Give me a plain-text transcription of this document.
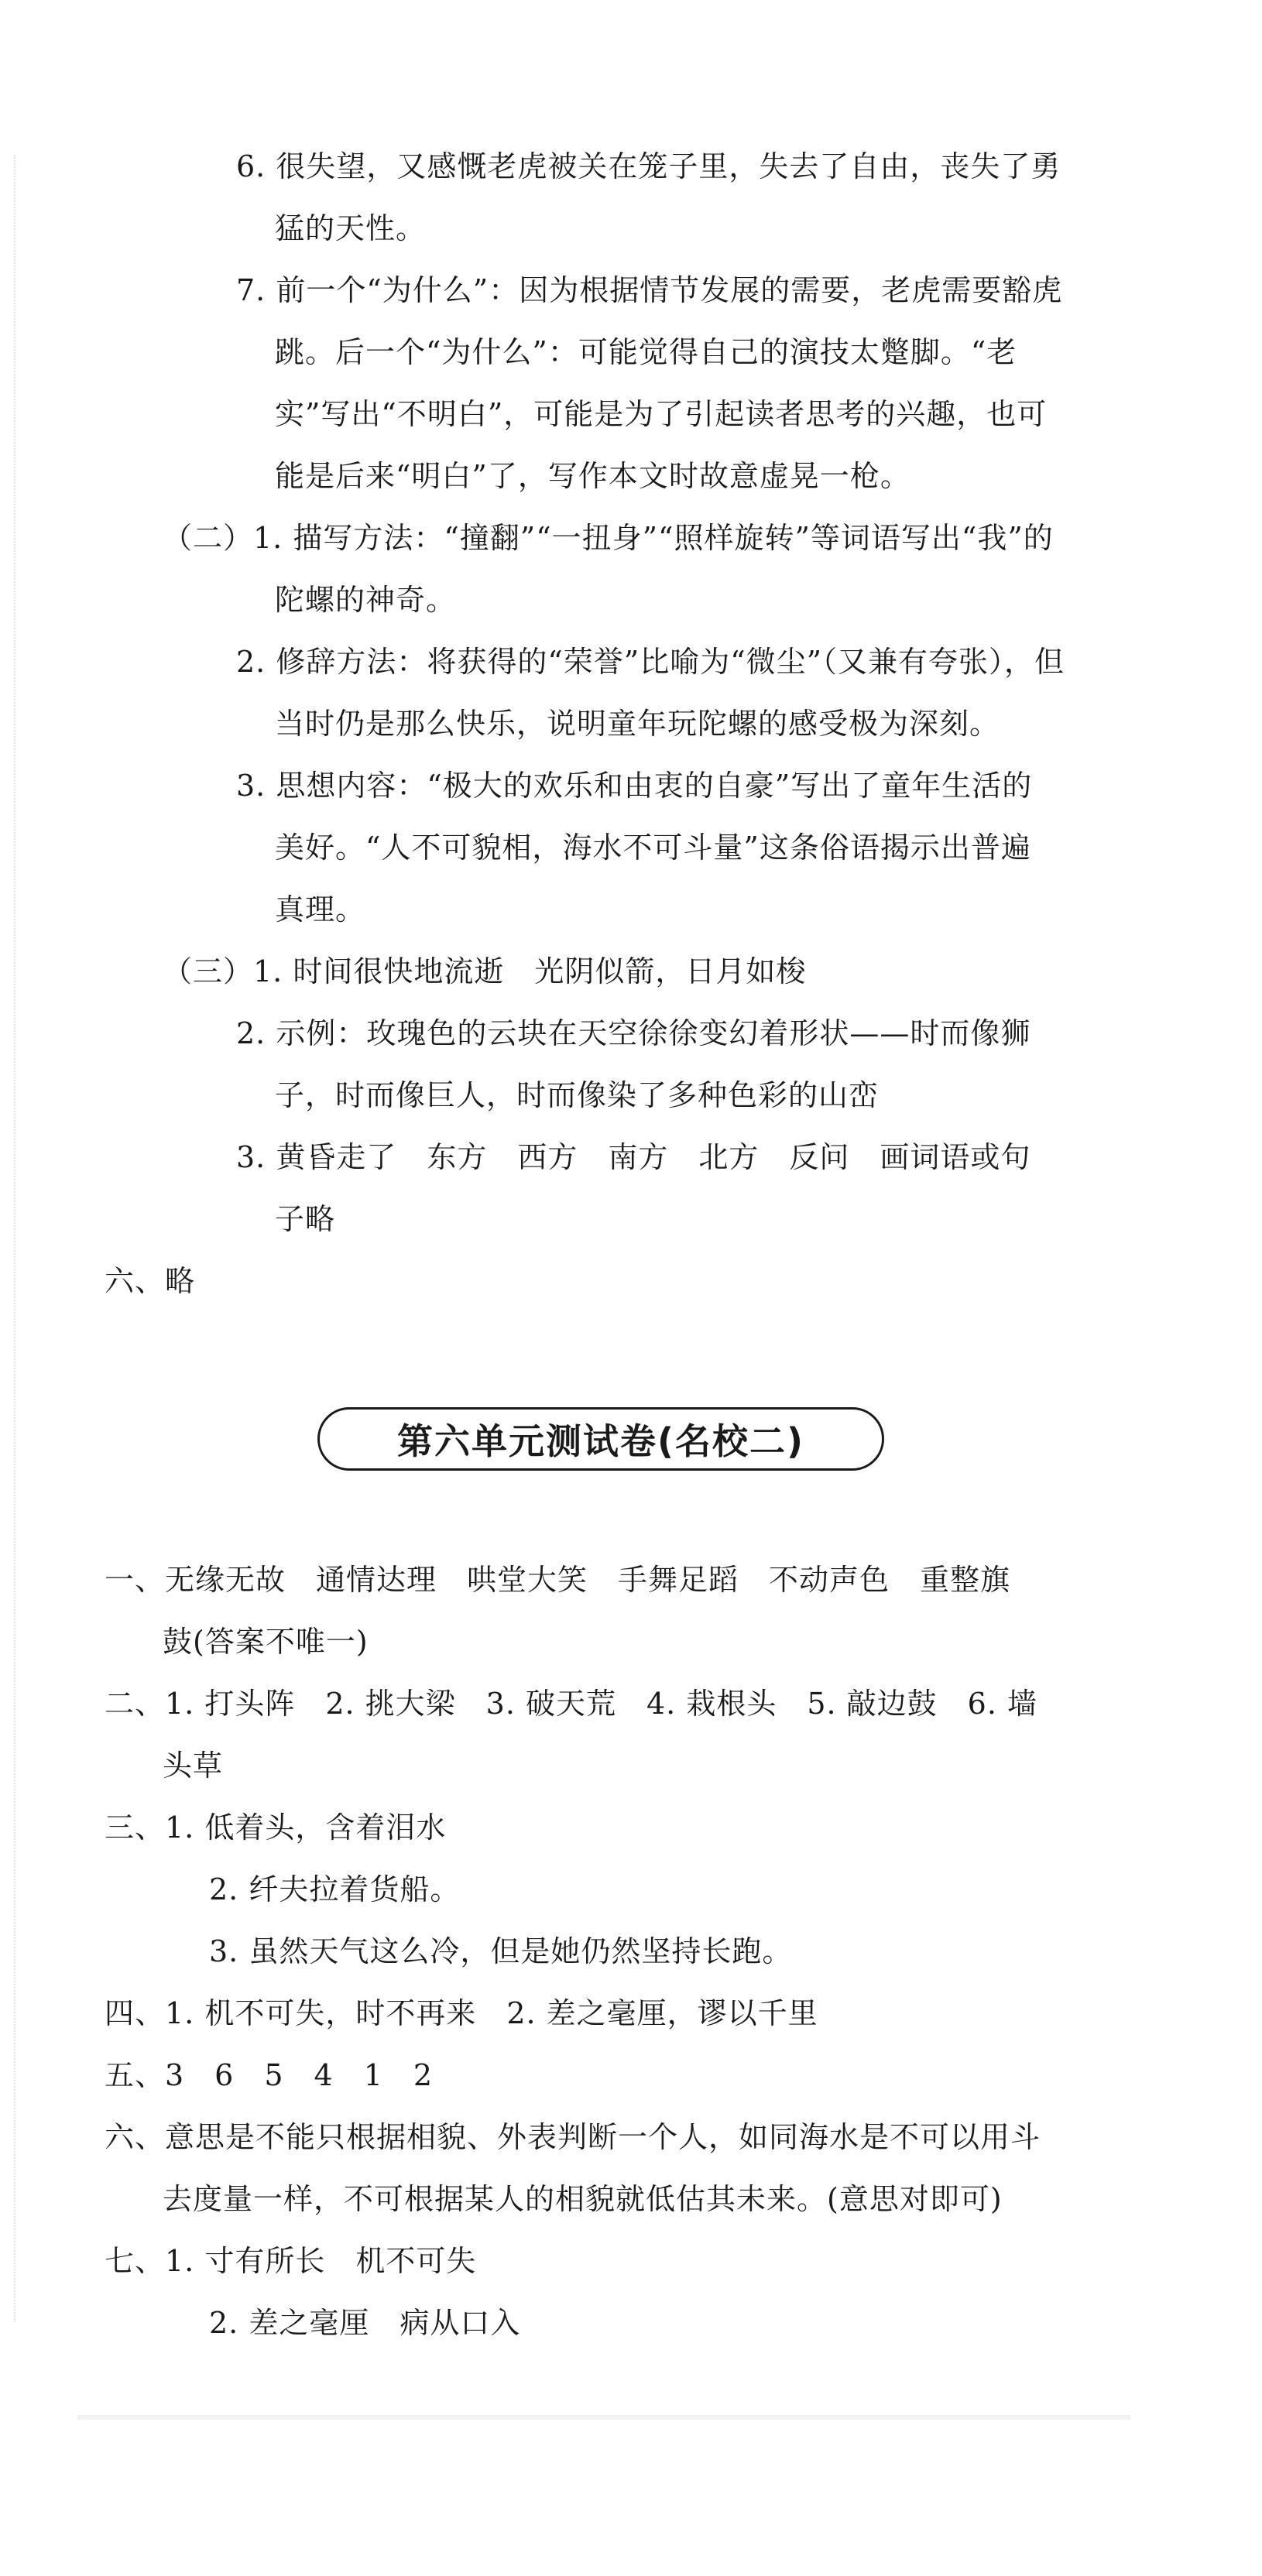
6. 很失望，又感慨老虎被关在笼子里，失去了自由，丧失了勇
猛的天性。
7. 前一个“为什么”：因为根据情节发展的需要，老虎需要豁虎
跳。后一个“为什么”：可能觉得自己的演技太蹩脚。“老
实”写出“不明白”，可能是为了引起读者思考的兴趣，也可
能是后来“明白”了，写作本文时故意虚晃一枪。
（二）1. 描写方法：“撞翻”“一扭身”“照样旋转”等词语写出“我”的
陀螺的神奇。
2. 修辞方法：将获得的“荣誉”比喻为“微尘”（又兼有夸张），但
当时仍是那么快乐，说明童年玩陀螺的感受极为深刻。
3. 思想内容：“极大的欢乐和由衷的自豪”写出了童年生活的
美好。“人不可貌相，海水不可斗量”这条俗语揭示出普遍
真理。
（三）1. 时间很快地流逝　光阴似箭，日月如梭
2. 示例：玫瑰色的云块在天空徐徐变幻着形状——时而像狮
子，时而像巨人，时而像染了多种色彩的山峦
3. 黄昏走了　东方　西方　南方　北方　反问　画词语或句
子略
六、略
第六单元测试卷(名校二)
一、无缘无故　通情达理　哄堂大笑　手舞足蹈　不动声色　重整旗
鼓(答案不唯一)
二、1. 打头阵　2. 挑大梁　3. 破天荒　4. 栽根头　5. 敲边鼓　6. 墙
头草
三、1. 低着头，含着泪水
2. 纤夫拉着货船。
3. 虽然天气这么冷，但是她仍然坚持长跑。
四、1. 机不可失，时不再来　2. 差之毫厘，谬以千里
五、3　6　5　4　1　2
六、意思是不能只根据相貌、外表判断一个人，如同海水是不可以用斗
去度量一样，不可根据某人的相貌就低估其未来。(意思对即可)
七、1. 寸有所长　机不可失
2. 差之毫厘　病从口入
